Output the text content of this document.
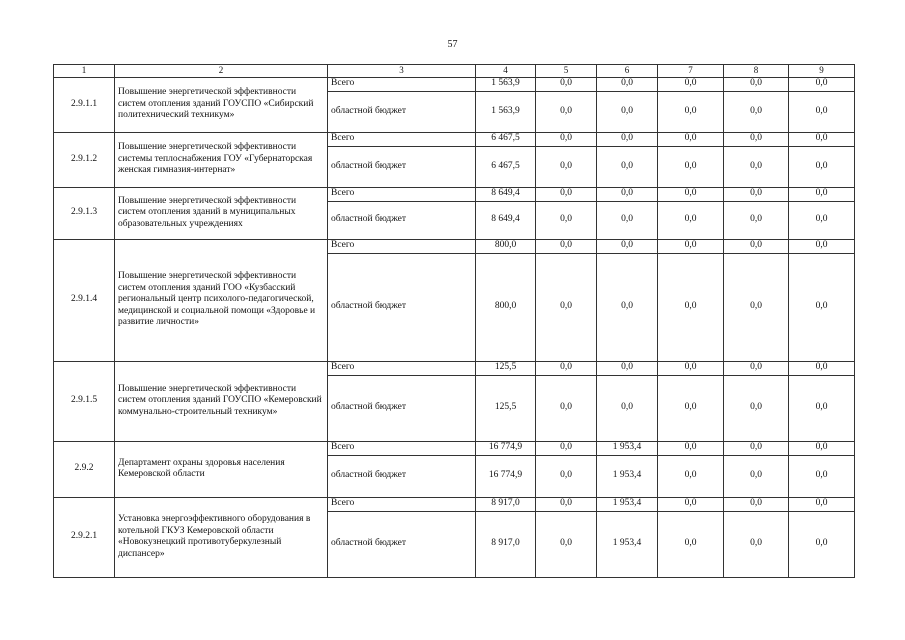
57
1	2	3	4	5	6	7	8	9
2.9.1.1	Повышение энергетической эффективности систем отопления зданий ГОУСПО «Сибирский политехнический техникум»	Всего	1 563,9	0,0	0,0	0,0	0,0	0,0
		областной бюджет	1 563,9	0,0	0,0	0,0	0,0	0,0
2.9.1.2	Повышение энергетической эффективности системы теплоснабжения ГОУ «Губернаторская женская гимназия-интернат»	Всего	6 467,5	0,0	0,0	0,0	0,0	0,0
		областной бюджет	6 467,5	0,0	0,0	0,0	0,0	0,0
2.9.1.3	Повышение энергетической эффективности систем отопления зданий в муниципальных образовательных учреждениях	Всего	8 649,4	0,0	0,0	0,0	0,0	0,0
		областной бюджет	8 649,4	0,0	0,0	0,0	0,0	0,0
2.9.1.4	Повышение энергетической эффективности систем отопления зданий ГОО «Кузбасский региональный центр психолого-педагогической, медицинской и социальной помощи «Здоровье и развитие личности»	Всего	800,0	0,0	0,0	0,0	0,0	0,0
		областной бюджет	800,0	0,0	0,0	0,0	0,0	0,0
2.9.1.5	Повышение энергетической эффективности систем отопления зданий ГОУСПО «Кемеровский коммунально-строительный техникум»	Всего	125,5	0,0	0,0	0,0	0,0	0,0
		областной бюджет	125,5	0,0	0,0	0,0	0,0	0,0
2.9.2	Департамент охраны здоровья населения Кемеровской области	Всего	16 774,9	0,0	1 953,4	0,0	0,0	0,0
		областной бюджет	16 774,9	0,0	1 953,4	0,0	0,0	0,0
2.9.2.1	Установка энергоэффективного оборудования в котельной ГКУЗ Кемеровской области «Новокузнецкий противотуберкулезный диспансер»	Всего	8 917,0	0,0	1 953,4	0,0	0,0	0,0
		областной бюджет	8 917,0	0,0	1 953,4	0,0	0,0	0,0
